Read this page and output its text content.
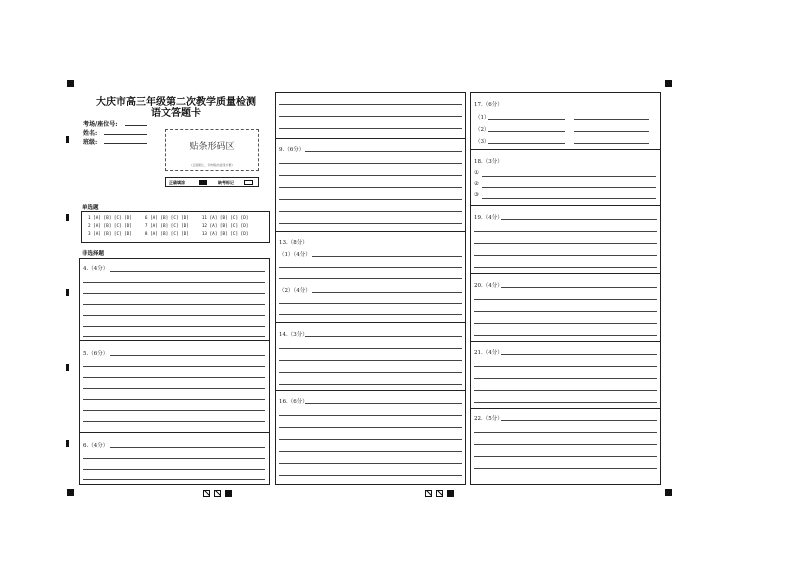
大庆市高三年级第二次教学质量检测
语文答题卡
考场/座位号:
姓名:
班级:	贴条形码区
(正面朝上，切勿贴出虚线方框)
正确填涂	缺考标记
单选题
1 [A] [B] [C] [D]     6 [A] [B] [C] [D]     11 [A] [B] [C] [D]
2 [A] [B] [C] [D]     7 [A] [B] [C] [D]     12 [A] [B] [C] [D]
3 [A] [B] [C] [D]     8 [A] [B] [C] [D]     13 [A] [B] [C] [D]
非选择题
4.（4分）
5.（6分）
6.（4分）
9.（6分）
13.（8分）
（1）（4分）
（2）（4分）
14.（3分）
16.（6分）
17.（6分）
（1）
（2）
（3）
18.（3分）
①
②
③
19.（4分）
20.（4分）
21.（4分）
22.（5分）
